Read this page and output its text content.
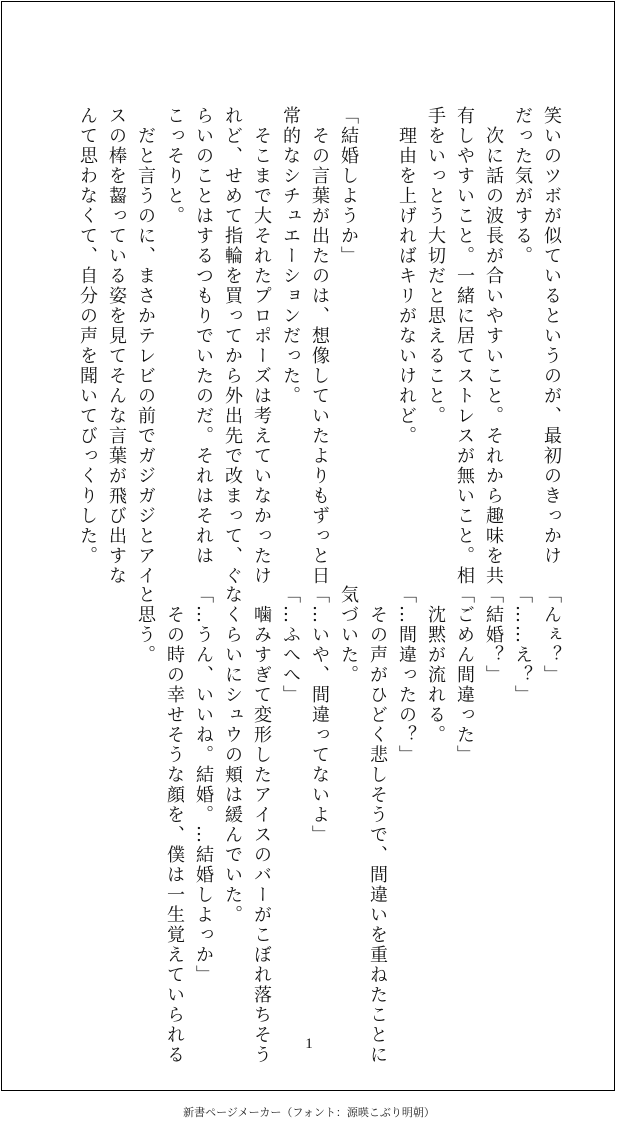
笑いのツボが似ているというのが、最初のきっかけ
だった気がする。
　次に話の波長が合いやすいこと。それから趣味を共
有しやすいこと。一緒に居てストレスが無いこと。相
手をいっとう大切だと思えること。
　理由を上げればキリがないけれど。

「結婚しようか」
　その言葉が出たのは、想像していたよりもずっと日
常的なシチュエーションだった。
　そこまで大それたプロポーズは考えていなかったけ
れど、せめて指輪を買ってから外出先で改まって、ぐ
らいのことはするつもりでいたのだ。それはそれは
こっそりと。
　だと言うのに、まさかテレビの前でガジガジとアイ
スの棒を齧っている姿を見てそんな言葉が飛び出すな
んて思わなくて、自分の声を聞いてびっくりした。
「んぇ？」
「……え？」
「結婚？」
「ごめん間違った」
　沈黙が流れる。
「…間違ったの？」
　その声がひどく悲しそうで、間違いを重ねたことに
気づいた。
「…いや、間違ってないよ」
「…ふへへ」
　噛みすぎて変形したアイスのバーがこぼれ落ちそう
なくらいにシュウの頬は緩んでいた。
「…うん、いいね。結婚。…結婚しよっか」
　その時の幸せそうな顔を、僕は一生覚えていられる
と思う。
1
新書ページメーカー（フォント：源暎こぶり明朝）
